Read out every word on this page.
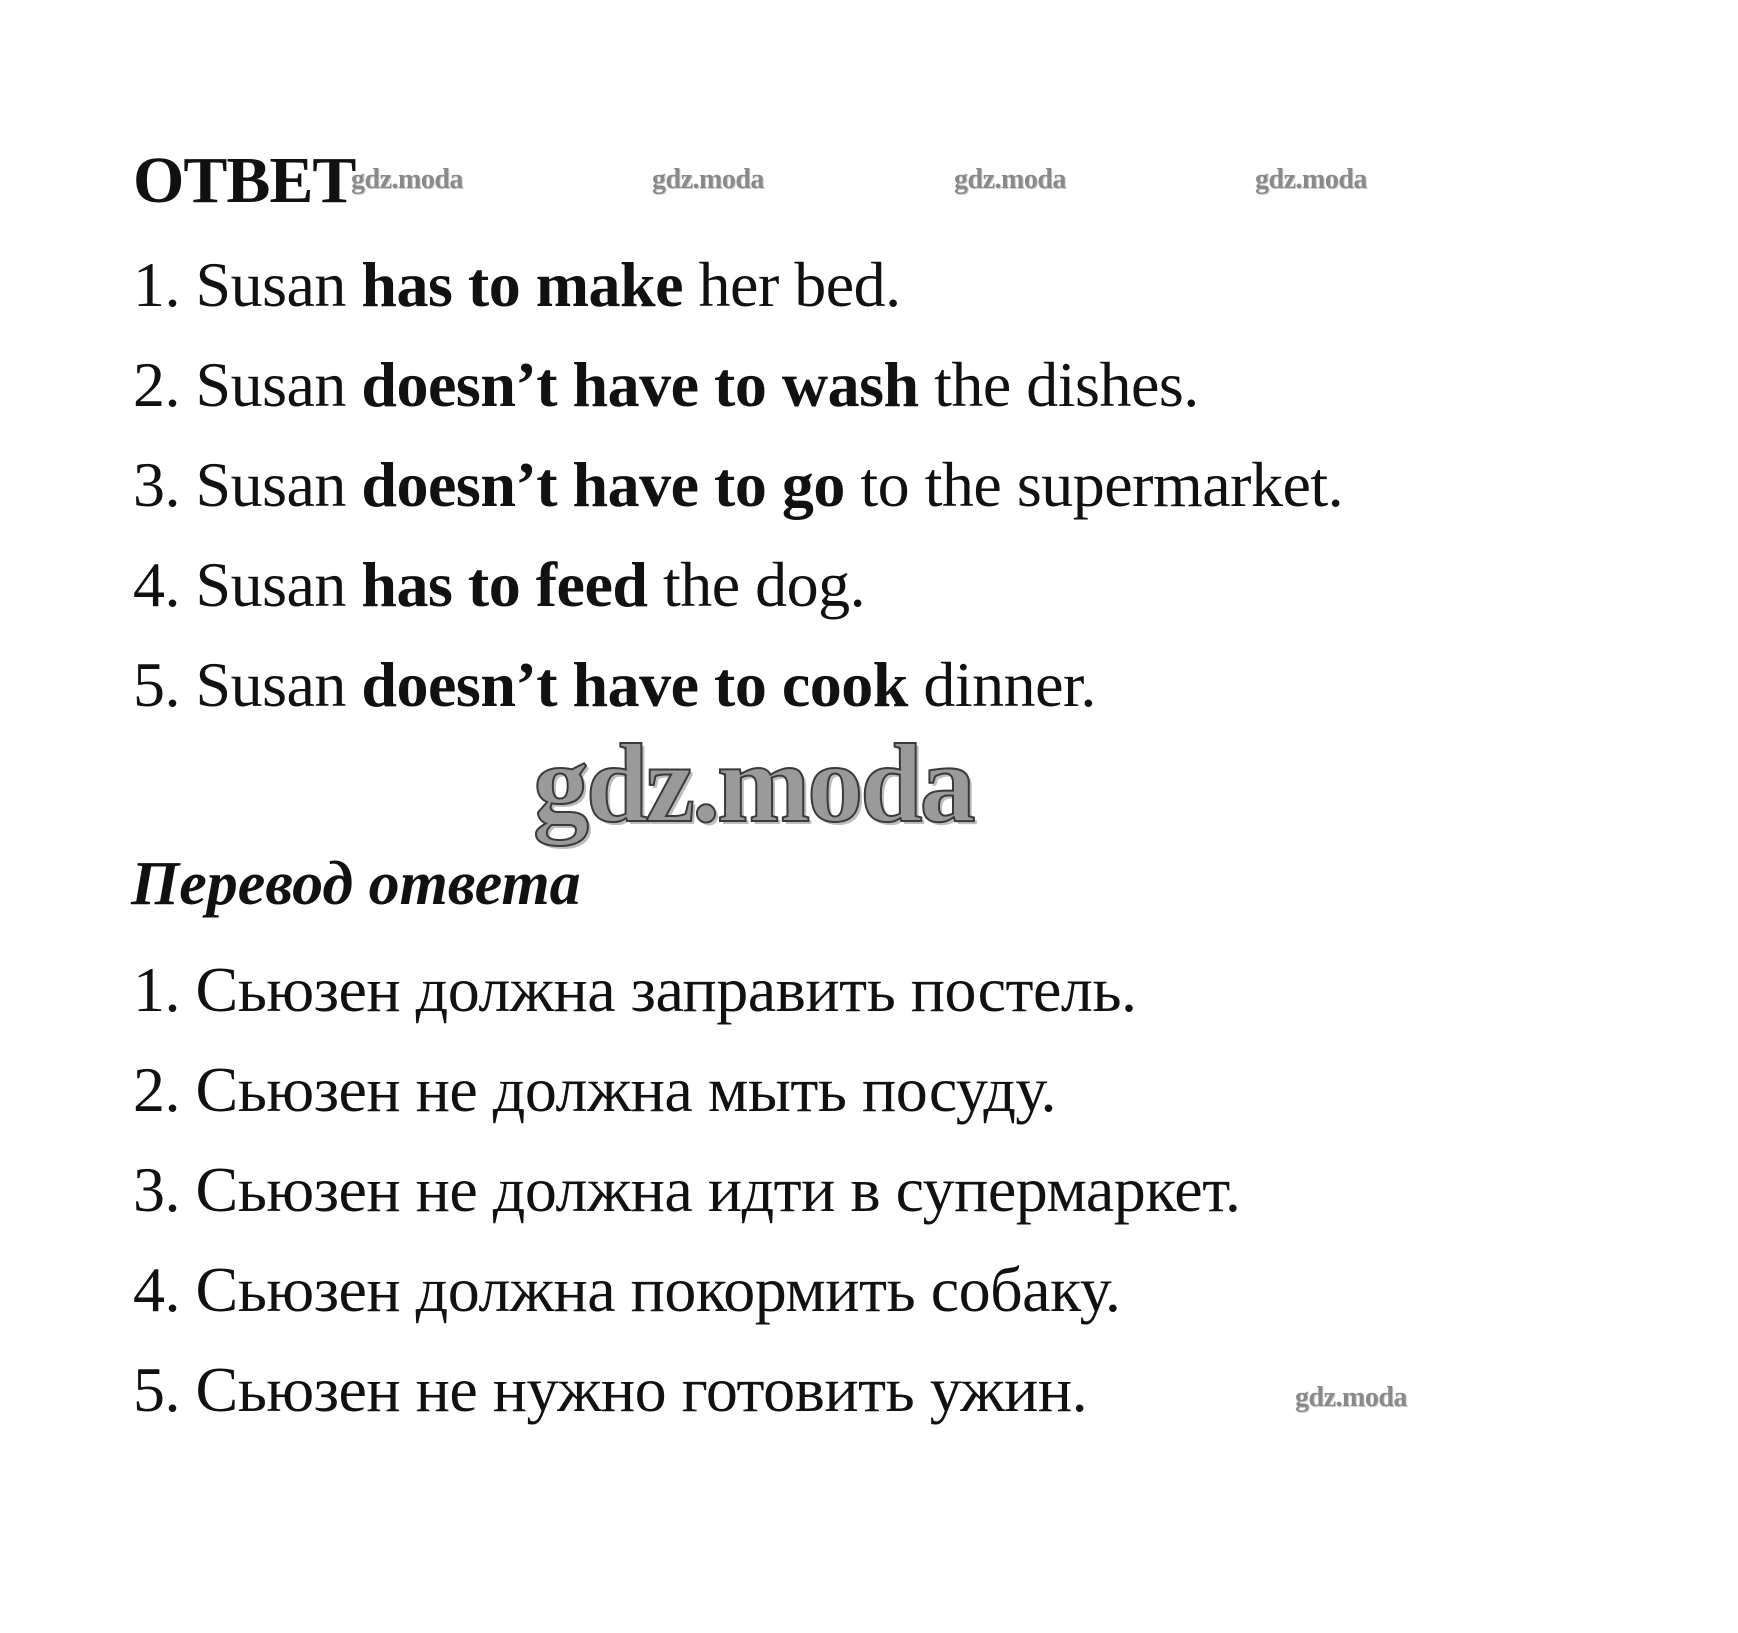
ОТВЕТ
gdz.moda	gdz.moda	gdz.moda	gdz.moda
1. Susan has to make her bed.
2. Susan doesn’t have to wash the dishes.
3. Susan doesn’t have to go to the supermarket.
4. Susan has to feed the dog.
5. Susan doesn’t have to cook dinner.
gdz.moda
Перевод ответа
1. Сьюзен должна заправить постель.
2. Сьюзен не должна мыть посуду.
3. Сьюзен не должна идти в супермаркет.
4. Сьюзен должна покормить собаку.
5. Сьюзен не нужно готовить ужин.	gdz.moda
